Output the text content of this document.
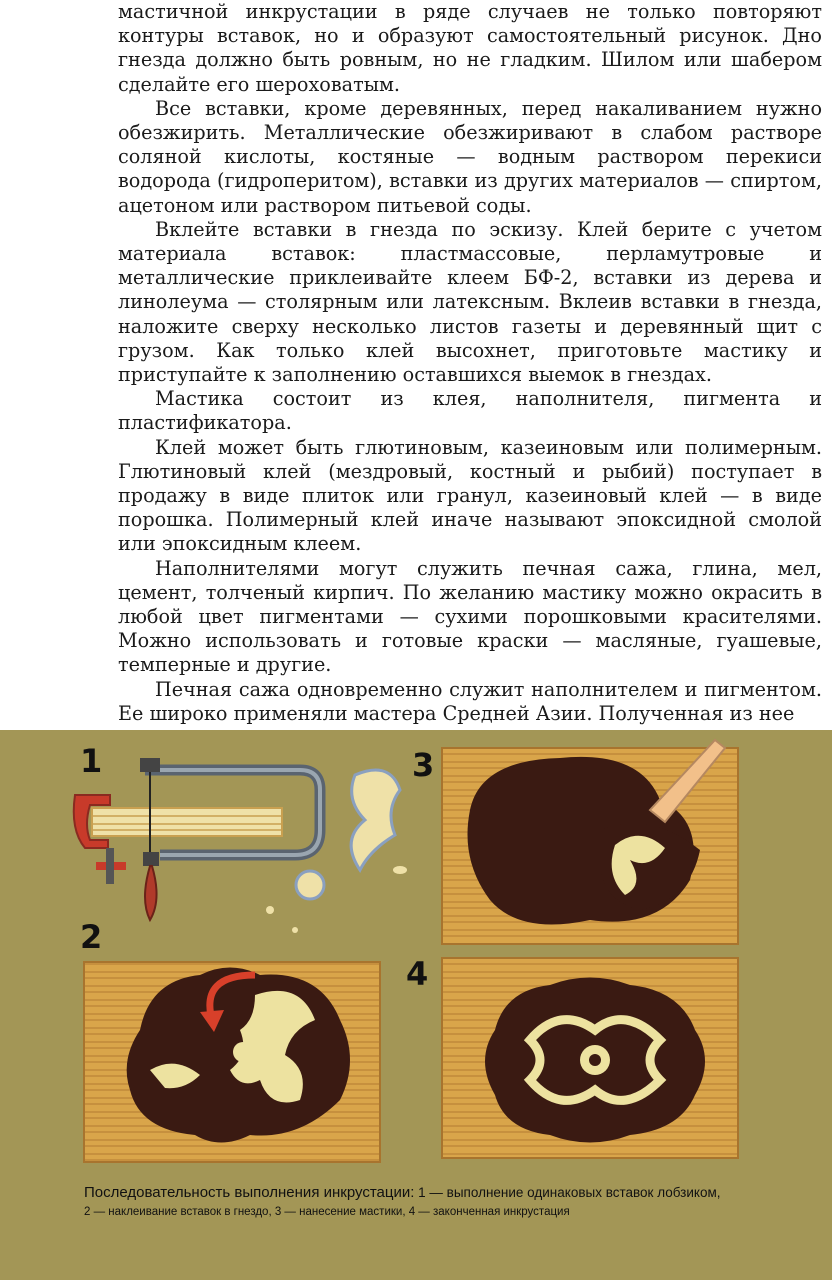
мастичной инкрустации в ряде случаев не только повторяют контуры вставок, но и образуют самостоятельный рисунок. Дно гнезда должно быть ровным, но не гладким. Шилом или шабером сделайте его шероховатым.

Все вставки, кроме деревянных, перед накаливанием нужно обезжирить. Металлические обезжиривают в слабом растворе соляной кислоты, костяные — водным раствором перекиси водорода (гидроперитом), вставки из других материалов — спиртом, ацетоном или раствором питьевой соды.

Вклейте вставки в гнезда по эскизу. Клей берите с учетом материала вставок: пластмассовые, перламутровые и металлические приклеивайте клеем БФ-2, вставки из дерева и линолеума — столярным или латексным. Вклеив вставки в гнезда, наложите сверху несколько листов газеты и деревянный щит с грузом. Как только клей высохнет, приготовьте мастику и приступайте к заполнению оставшихся выемок в гнездах.

Мастика состоит из клея, наполнителя, пигмента и пластификатора.

Клей может быть глютиновым, казеиновым или полимерным. Глютиновый клей (мездровый, костный и рыбий) поступает в продажу в виде плиток или гранул, казеиновый клей — в виде порошка. Полимерный клей иначе называют эпоксидной смолой или эпоксидным клеем.

Наполнителями могут служить печная сажа, глина, мел, цемент, толченый кирпич. По желанию мастику можно окрасить в любой цвет пигментами — сухими порошковыми красителями. Можно использовать и готовые краски — масляные, гуашевые, темперные и другие.

Печная сажа одновременно служит наполнителем и пигментом. Ее широко применяли мастера Средней Азии. Полученная из нее

1
2
3
4
Последовательность выполнения инкрустации: 1 — выполнение одинаковых вставок лобзиком,
2 — наклеивание вставок в гнездо, 3 — нанесение мастики, 4 — законченная инкрустация
